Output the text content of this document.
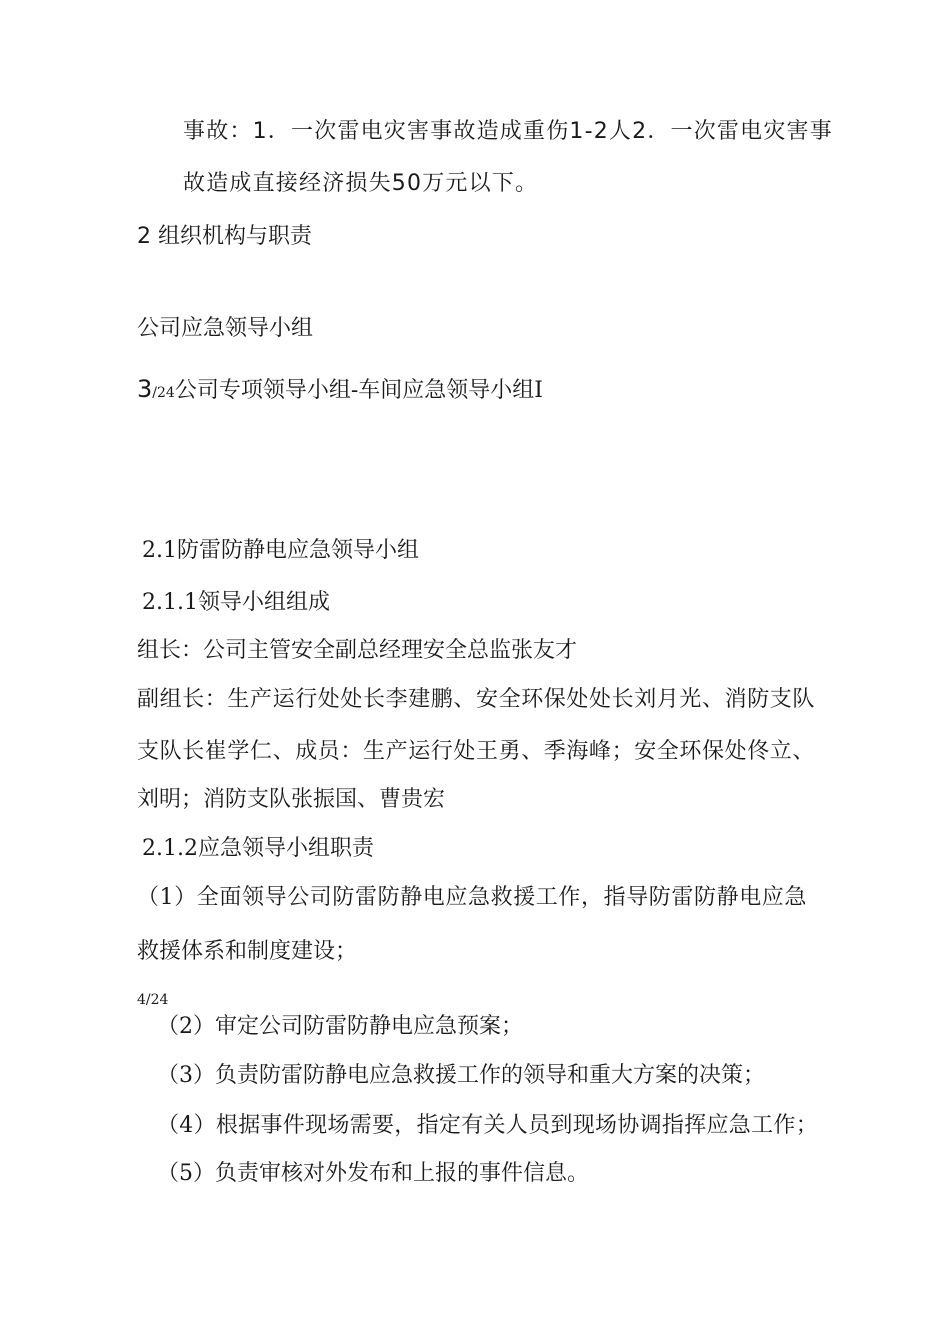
事故：1．一次雷电灾害事故造成重伤1-2人2．一次雷电灾害事
故造成直接经济损失50万元以下。
2 组织机构与职责
公司应急领导小组
3/24公司专项领导小组-车间应急领导小组Ⅰ
2.1防雷防静电应急领导小组
2.1.1领导小组组成
组长：公司主管安全副总经理安全总监张友才
副组长：生产运行处处长李建鹏、安全环保处处长刘月光、消防支队
支队长崔学仁、成员：生产运行处王勇、季海峰；安全环保处佟立、
刘明；消防支队张振国、曹贵宏
2.1.2应急领导小组职责
（1）全面领导公司防雷防静电应急救援工作，指导防雷防静电应急
救援体系和制度建设；
4/24
（2）审定公司防雷防静电应急预案；
（3）负责防雷防静电应急救援工作的领导和重大方案的决策；
（4）根据事件现场需要，指定有关人员到现场协调指挥应急工作；
（5）负责审核对外发布和上报的事件信息。
